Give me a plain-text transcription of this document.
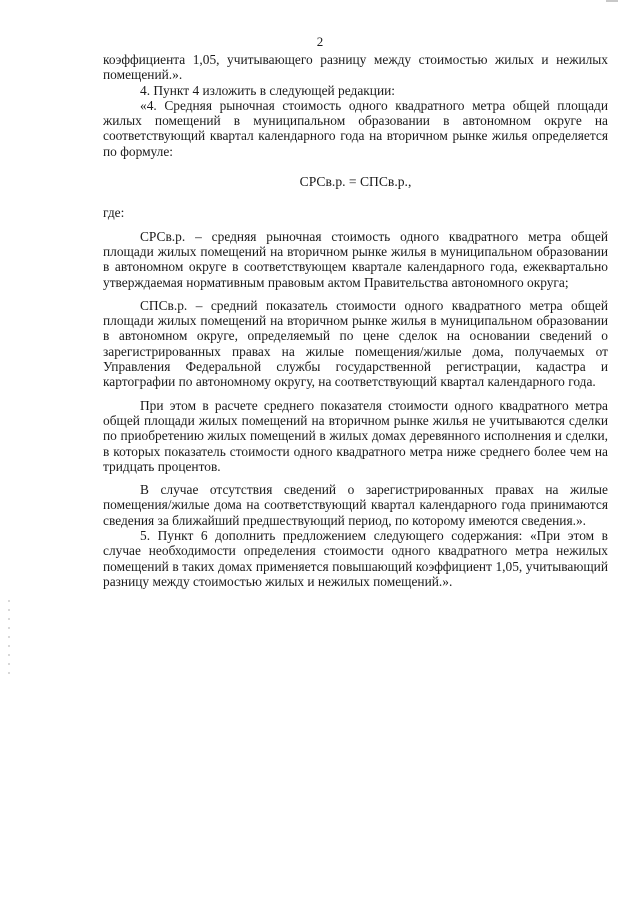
2

коэффициента 1,05, учитывающего разницу между стоимостью жилых и нежилых помещений.».

4. Пункт 4 изложить в следующей редакции:

«4. Средняя рыночная стоимость одного квадратного метра общей площади жилых помещений в муниципальном образовании в автономном округе на соответствующий квартал календарного года на вторичном рынке жилья определяется по формуле:

СРСв.р. = СПСв.р.,

где:

СРСв.р. – средняя рыночная стоимость одного квадратного метра общей площади жилых помещений на вторичном рынке жилья в муниципальном образовании в автономном округе в соответствующем квартале календарного года, ежеквартально утверждаемая нормативным правовым актом Правительства автономного округа;

СПСв.р. – средний показатель стоимости одного квадратного метра общей площади жилых помещений на вторичном рынке жилья в муниципальном образовании в автономном округе, определяемый по цене сделок на основании сведений о зарегистрированных правах на жилые помещения/жилые дома, получаемых от Управления Федеральной службы государственной регистрации, кадастра и картографии по автономному округу, на соответствующий квартал календарного года.

При этом в расчете среднего показателя стоимости одного квадратного метра общей площади жилых помещений на вторичном рынке жилья не учитываются сделки по приобретению жилых помещений в жилых домах деревянного исполнения и сделки, в которых показатель стоимости одного квадратного метра ниже среднего более чем на тридцать процентов.

В случае отсутствия сведений о зарегистрированных правах на жилые помещения/жилые дома на соответствующий квартал календарного года принимаются сведения за ближайший предшествующий период, по которому имеются сведения.».

5. Пункт 6 дополнить предложением следующего содержания: «При этом в случае необходимости определения стоимости одного квадратного метра нежилых помещений в таких домах применяется повышающий коэффициент 1,05, учитывающий разницу между стоимостью жилых и нежилых помещений.».
